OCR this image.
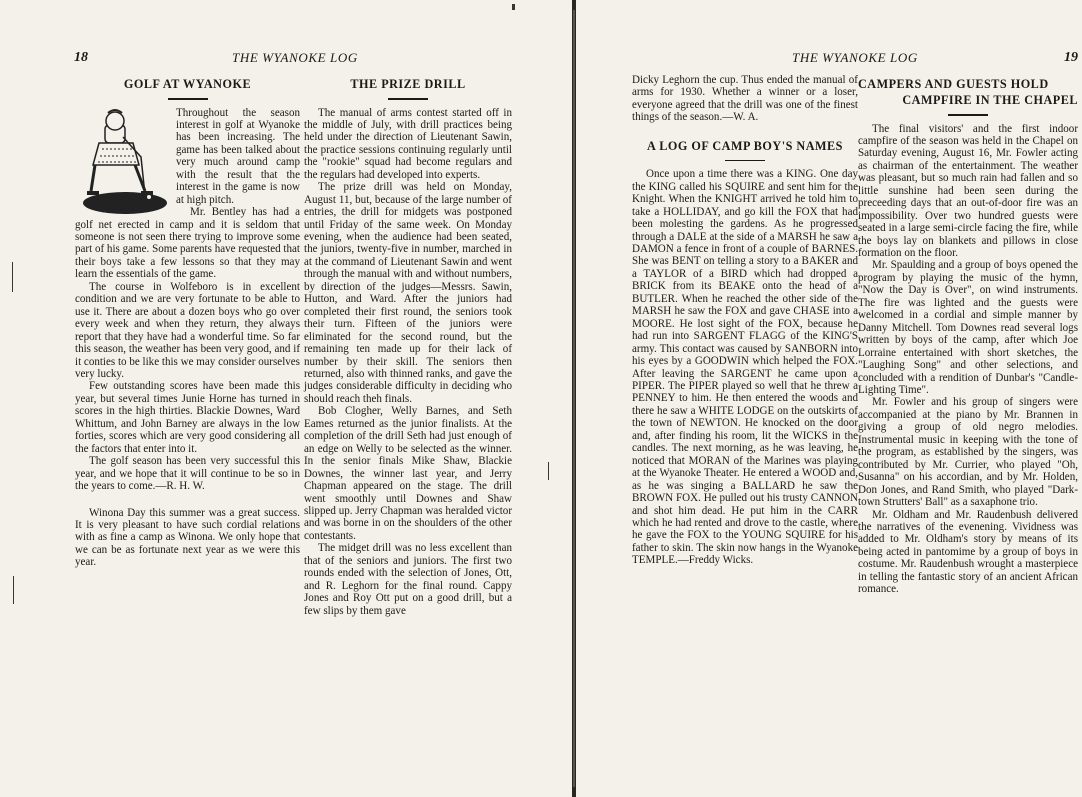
18	THE WYANOKE LOG
GOLF AT WYANOKE

Throughout the season interest in golf at Wyanoke has been increasing. The game has been talked about very much around camp with the result that the interest in the game is now at high pitch.

Mr. Bentley has had a golf net erected in camp and it is seldom that someone is not seen there trying to improve some part of his game. Some parents have requested that their boys take a few lessons so that they may learn the essentials of the game.

The course in Wolfeboro is in excellent condition and we are very fortunate to be able to use it. There are about a dozen boys who go over every week and when they return, they always report that they have had a wonderful time. So far this season, the weather has been very good, and if it conties to be like this we may consider ourselves very lucky.

Few outstanding scores have been made this year, but several times Junie Horne has turned in scores in the high thirties. Blackie Downes, Ward Whittum, and John Barney are always in the low forties, scores which are very good considering all the factors that enter into it.

The golf season has been very successful this year, and we hope that it will continue to be so in the years to come.—R. H. W.

Winona Day this summer was a great success. It is very pleasant to have such cordial relations with as fine a camp as Winona. We only hope that we can be as fortunate next year as we were this year.

THE PRIZE DRILL

The manual of arms contest started off in the middle of July, with drill practices being held under the direction of Lieutenant Sawin, the practice sessions continuing regularly until the "rookie" squad had become regulars and the regulars had developed into experts.

The prize drill was held on Monday, August 11, but, because of the large number of entries, the drill for midgets was postponed until Friday of the same week. On Monday evening, when the audience had been seated, the juniors, twenty-five in number, marched in at the command of Lieutenant Sawin and went through the manual with and without numbers, by direction of the judges—Messrs. Sawin, Hutton, and Ward. After the juniors had completed their first round, the seniors took their turn. Fifteen of the juniors were eliminated for the second round, but the remaining ten made up for their lack of number by their skill. The seniors then returned, also with thinned ranks, and gave the judges considerable difficulty in deciding who should reach theh finals.

Bob Clogher, Welly Barnes, and Seth Eames returned as the junior finalists. At the completion of the drill Seth had just enough of an edge on Welly to be selected as the winner. In the senior finals Mike Shaw, Blackie Downes, the winner last year, and Jerry Chapman appeared on the stage. The drill went smoothly until Downes and Shaw slipped up. Jerry Chapman was heralded victor and was borne in on the shoulders of the other contestants.

The midget drill was no less excellent than that of the seniors and juniors. The first two rounds ended with the selection of Jones, Ott, and R. Leghorn for the final round. Cappy Jones and Roy Ott put on a good drill, but a few slips by them gave

THE WYANOKE LOG	19

Dicky Leghorn the cup. Thus ended the manual of arms for 1930. Whether a winner or a loser, everyone agreed that the drill was one of the finest things of the season.—W. A.

A LOG OF CAMP BOY'S NAMES

Once upon a time there was a KING. One day the KING called his SQUIRE and sent him for the Knight. When the KNIGHT arrived he told him to take a HOLLIDAY, and go kill the FOX that had been molesting the gardens. As he progressed through a DALE at the side of a MARSH he saw a DAMON a fence in front of a couple of BARNES. She was BENT on telling a story to a BAKER and a TAYLOR of a BIRD which had dropped a BRICK from its BEAKE onto the head of a BUTLER. When he reached the other side of the MARSH he saw the FOX and gave CHASE into a MOORE. He lost sight of the FOX, because he had run into SARGENT FLAGG of the KING'S army. This contact was caused by SANBORN into his eyes by a GOODWIN which helped the FOX. After leaving the SARGENT he came upon a PIPER. The PIPER played so well that he threw a PENNEY to him. He then entered the woods and there he saw a WHITE LODGE on the outskirts of the town of NEWTON. He knocked on the door and, after finding his room, lit the WICKS in the candles. The next morning, as he was leaving, he noticed that MORAN of the Marines was playing at the Wyanoke Theater. He entered a WOOD and, as he was singing a BALLARD he saw the BROWN FOX. He pulled out his trusty CANNON and shot him dead. He put him in the CARR which he had rented and drove to the castle, where he gave the FOX to the YOUNG SQUIRE for his father to skin. The skin now hangs in the Wyanoke TEMPLE.—Freddy Wicks.

CAMPERS AND GUESTS HOLD
CAMPFIRE IN THE CHAPEL

The final visitors' and the first indoor campfire of the season was held in the Chapel on Saturday evening, August 16, Mr. Fowler acting as chairman of the entertainment. The weather was pleasant, but so much rain had fallen and so little sunshine had been seen during the preceeding days that an out-of-door fire was an impossibility. Over two hundred guests were seated in a large semi-circle facing the fire, while the boys lay on blankets and pillows in close formation on the floor.

Mr. Spaulding and a group of boys opened the program by playing the music of the hymn, "Now the Day is Over", on wind instruments. The fire was lighted and the guests were welcomed in a cordial and simple manner by Danny Mitchell. Tom Downes read several logs written by boys of the camp, after which Joe Lorraine entertained with short sketches, the "Laughing Song" and other selections, and concluded with a rendition of Dunbar's "Candle-Lighting Time".

Mr. Fowler and his group of singers were accompanied at the piano by Mr. Brannen in giving a group of old negro melodies. Instrumental music in keeping with the tone of the program, as established by the singers, was contributed by Mr. Currier, who played "Oh, Susanna" on his accordian, and by Mr. Holden, Don Jones, and Rand Smith, who played "Dark-town Strutters' Ball" as a saxaphone trio.

Mr. Oldham and Mr. Raudenbush delivered the narratives of the evenening. Vividness was added to Mr. Oldham's story by means of its being acted in pantomime by a group of boys in costume. Mr. Raudenbush wrought a masterpiece in telling the fantastic story of an ancient African romance.
